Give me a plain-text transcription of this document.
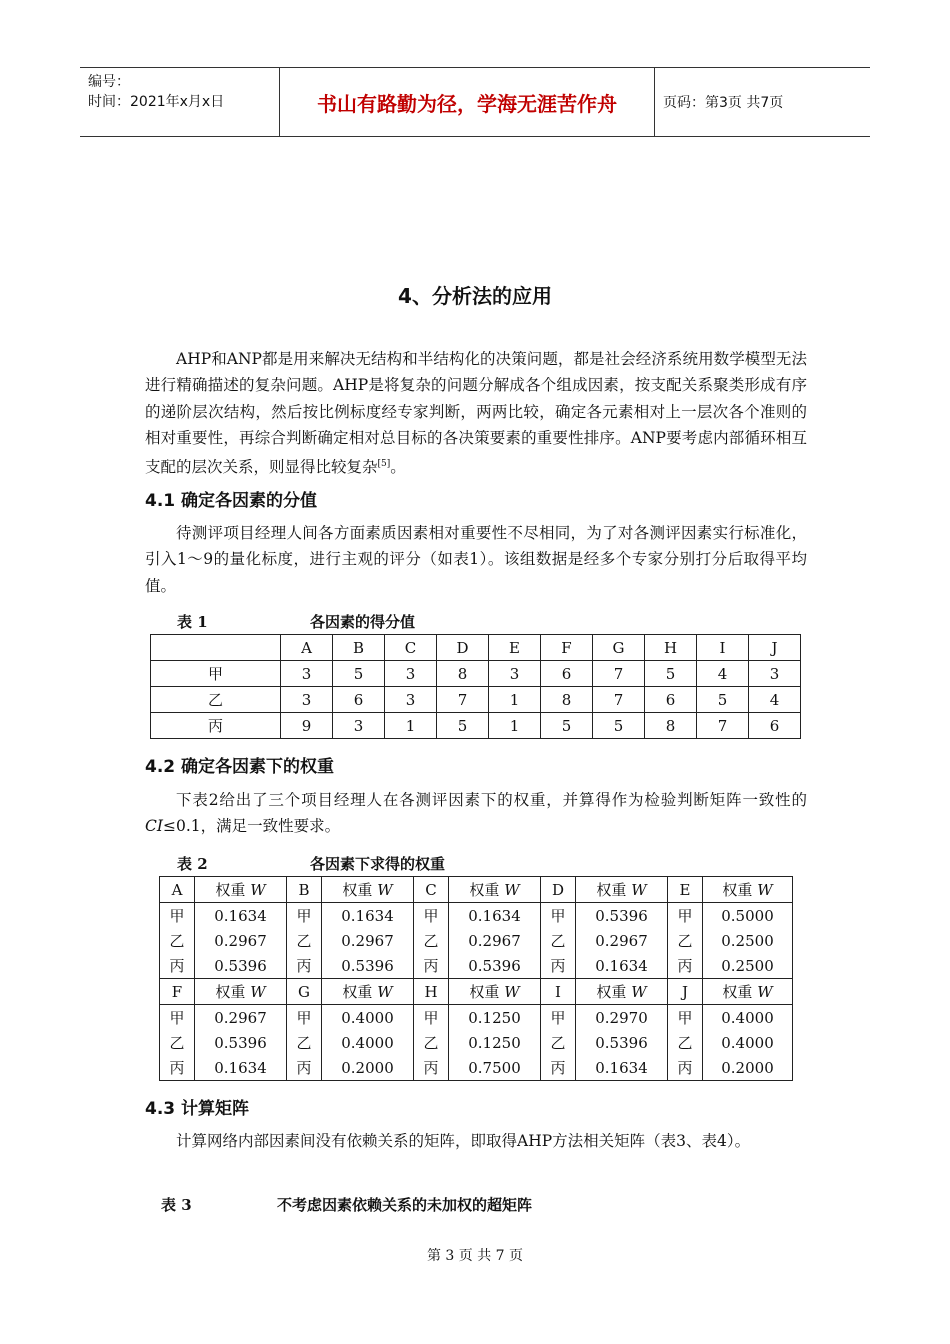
编号：
时间：2021年x月x日	书山有路勤为径，学海无涯苦作舟	页码：第3页 共7页
4、分析法的应用

AHP和ANP都是用来解决无结构和半结构化的决策问题，都是社会经济系统用数学模型无法进行精确描述的复杂问题。AHP是将复杂的问题分解成各个组成因素，按支配关系聚类形成有序的递阶层次结构，然后按比例标度经专家判断，两两比较，确定各元素相对上一层次各个准则的相对重要性，再综合判断确定相对总目标的各决策要素的重要性排序。ANP要考虑内部循环相互支配的层次关系，则显得比较复杂[5]。

4.1 确定各因素的分值

待测评项目经理人间各方面素质因素相对重要性不尽相同，为了对各测评因素实行标准化，引入1～9的量化标度，进行主观的评分（如表1）。该组数据是经多个专家分别打分后取得平均值。

表 1	各因素的得分值
	A	B	C	D	E	F	G	H	I	J
甲	3	5	3	8	3	6	7	5	4	3
乙	3	6	3	7	1	8	7	6	5	4
丙	9	3	1	5	1	5	5	8	7	6
4.2 确定各因素下的权重

下表2给出了三个项目经理人在各测评因素下的权重，并算得作为检验判断矩阵一致性的CI≤0.1，满足一致性要求。

表 2	各因素下求得的权重
A	权重 W	B	权重 W	C	权重 W	D	权重 W	E	权重 W
甲	0.1634	甲	0.1634	甲	0.1634	甲	0.5396	甲	0.5000
乙	0.2967	乙	0.2967	乙	0.2967	乙	0.2967	乙	0.2500
丙	0.5396	丙	0.5396	丙	0.5396	丙	0.1634	丙	0.2500
F	权重 W	G	权重 W	H	权重 W	I	权重 W	J	权重 W
甲	0.2967	甲	0.4000	甲	0.1250	甲	0.2970	甲	0.4000
乙	0.5396	乙	0.4000	乙	0.1250	乙	0.5396	乙	0.4000
丙	0.1634	丙	0.2000	丙	0.7500	丙	0.1634	丙	0.2000
4.3 计算矩阵

计算网络内部因素间没有依赖关系的矩阵，即取得AHP方法相关矩阵（表3、表4）。

表 3	不考虑因素依赖关系的未加权的超矩阵
第 3 页 共 7 页
